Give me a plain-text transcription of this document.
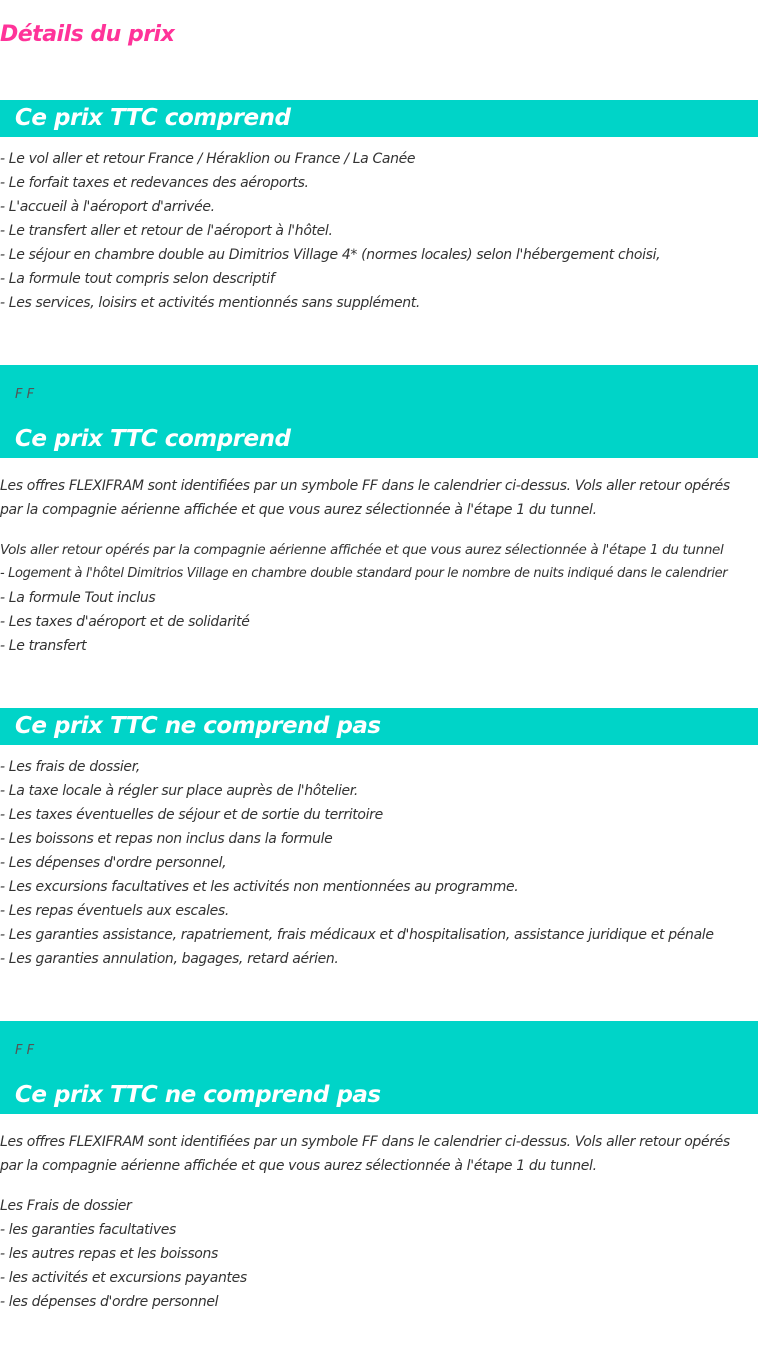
Détails du prix
Ce prix TTC comprend
- Le vol aller et retour France / Héraklion ou France / La Canée
- Le forfait taxes et redevances des aéroports.
- L'accueil à l'aéroport d'arrivée.
- Le transfert aller et retour de l'aéroport à l'hôtel.
- Le séjour en chambre double au Dimitrios Village 4* (normes locales) selon l'hébergement choisi,
- La formule tout compris selon descriptif
- Les services, loisirs et activités mentionnés sans supplément.

F F

Ce prix TTC comprend
Les offres FLEXIFRAM sont identifiées par un symbole FF dans le calendrier ci-dessus. Vols aller retour opérés par la compagnie aérienne affichée et que vous aurez sélectionnée à l'étape 1 du tunnel.
Vols aller retour opérés par la compagnie aérienne affichée et que vous aurez sélectionnée à l'étape 1 du tunnel
- Logement à l'hôtel Dimitrios Village en chambre double standard pour le nombre de nuits indiqué dans le calendrier
- La formule Tout inclus
- Les taxes d'aéroport et de solidarité
- Le transfert
Ce prix TTC ne comprend pas
- Les frais de dossier,
- La taxe locale à régler sur place auprès de l'hôtelier.
- Les taxes éventuelles de séjour et de sortie du territoire
- Les boissons et repas non inclus dans la formule
- Les dépenses d'ordre personnel,
- Les excursions facultatives et les activités non mentionnées au programme.
- Les repas éventuels aux escales.
- Les garanties assistance, rapatriement, frais médicaux et d'hospitalisation, assistance juridique et pénale
- Les garanties annulation, bagages, retard aérien.

F F

Ce prix TTC ne comprend pas
Les offres FLEXIFRAM sont identifiées par un symbole FF dans le calendrier ci-dessus. Vols aller retour opérés par la compagnie aérienne affichée et que vous aurez sélectionnée à l'étape 1 du tunnel.
Les Frais de dossier
- les garanties facultatives
- les autres repas et les boissons
- les activités et excursions payantes
- les dépenses d'ordre personnel
